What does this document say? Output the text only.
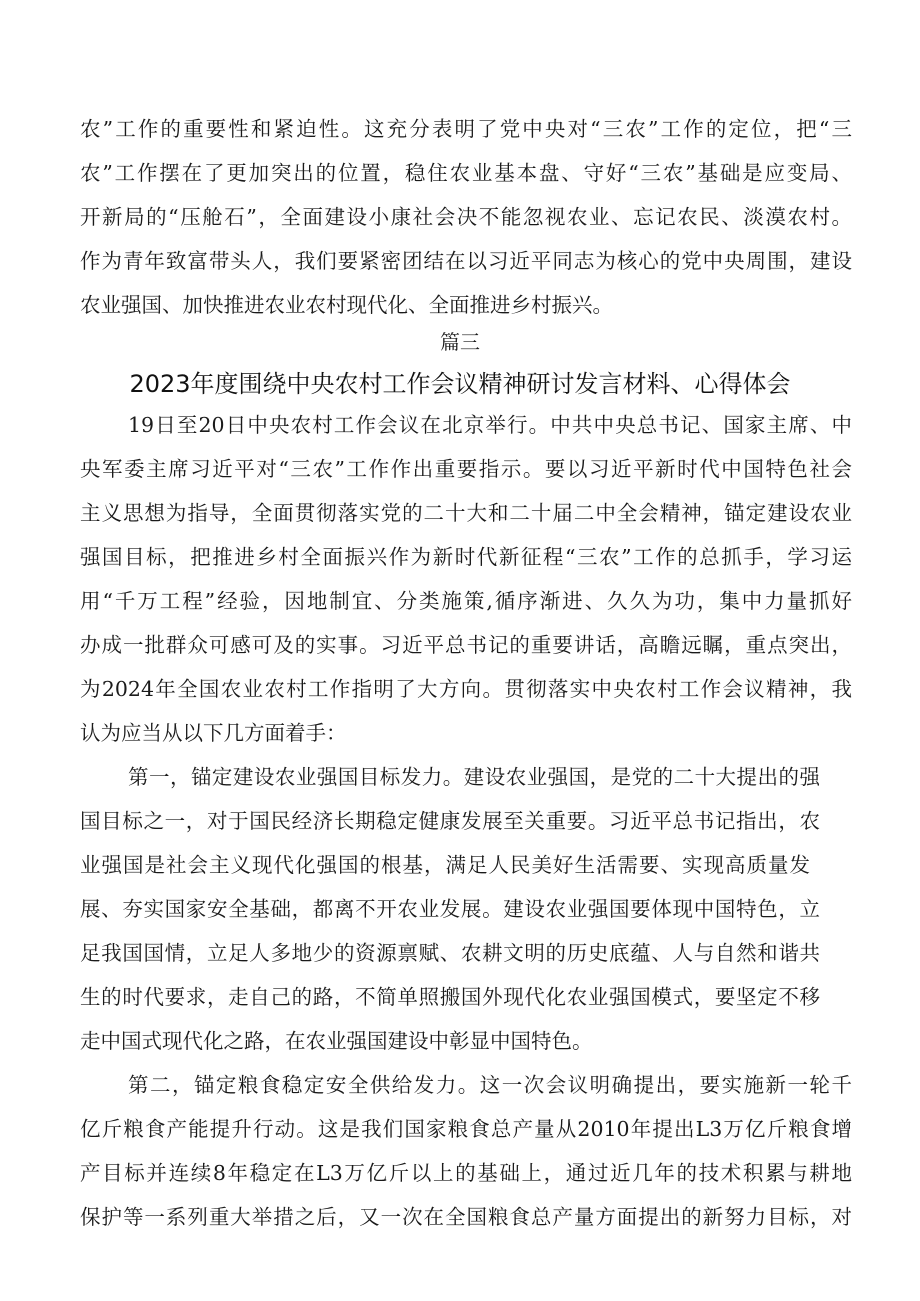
农”工作的重要性和紧迫性。这充分表明了党中央对“三农”工作的定位，把“三
农”工作摆在了更加突出的位置，稳住农业基本盘、守好“三农”基础是应变局、
开新局的“压舱石”，全面建设小康社会决不能忽视农业、忘记农民、淡漠农村。
作为青年致富带头人，我们要紧密团结在以习近平同志为核心的党中央周围，建设
农业强国、加快推进农业农村现代化、全面推进乡村振兴。
篇三
2023年度围绕中央农村工作会议精神研讨发言材料、心得体会
19日至20日中央农村工作会议在北京举行。中共中央总书记、国家主席、中
央军委主席习近平对“三农”工作作出重要指示。要以习近平新时代中国特色社会
主义思想为指导，全面贯彻落实党的二十大和二十届二中全会精神，锚定建设农业
强国目标，把推进乡村全面振兴作为新时代新征程“三农”工作的总抓手，学习运
用“千万工程”经验，因地制宜、分类施策,循序渐进、久久为功，集中力量抓好
办成一批群众可感可及的实事。习近平总书记的重要讲话，高瞻远瞩，重点突出，
为2024年全国农业农村工作指明了大方向。贯彻落实中央农村工作会议精神，我
认为应当从以下几方面着手：
第一，锚定建设农业强国目标发力。建设农业强国，是党的二十大提出的强
国目标之一，对于国民经济长期稳定健康发展至关重要。习近平总书记指出，农
业强国是社会主义现代化强国的根基，满足人民美好生活需要、实现高质量发
展、夯实国家安全基础，都离不开农业发展。建设农业强国要体现中国特色，立
足我国国情，立足人多地少的资源禀赋、农耕文明的历史底蕴、人与自然和谐共
生的时代要求，走自己的路，不简单照搬国外现代化农业强国模式，要坚定不移
走中国式现代化之路，在农业强国建设中彰显中国特色。
第二，锚定粮食稳定安全供给发力。这一次会议明确提出，要实施新一轮千
亿斤粮食产能提升行动。这是我们国家粮食总产量从2010年提出L3万亿斤粮食增
产目标并连续8年稳定在L3万亿斤以上的基础上，通过近几年的技术积累与耕地
保护等一系列重大举措之后，又一次在全国粮食总产量方面提出的新努力目标，对
